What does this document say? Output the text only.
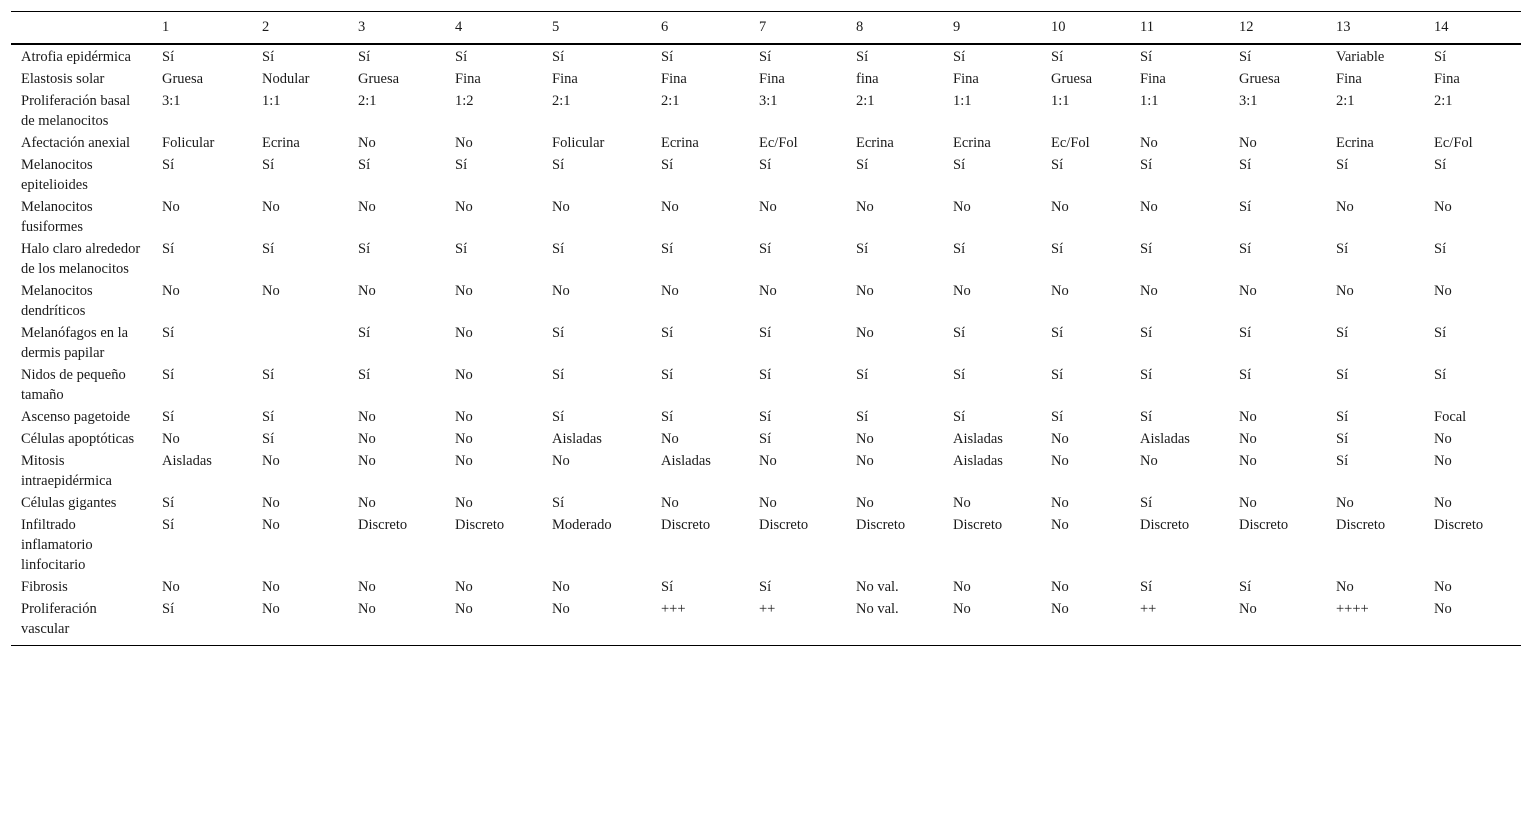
	1	2	3	4	5	6	7	8	9	10	11	12	13	14
Atrofia epidérmica	Sí	Sí	Sí	Sí	Sí	Sí	Sí	Sí	Sí	Sí	Sí	Sí	Variable	Sí
Elastosis solar	Gruesa	Nodular	Gruesa	Fina	Fina	Fina	Fina	fina	Fina	Gruesa	Fina	Gruesa	Fina	Fina
Proliferación basal de melanocitos	3:1	1:1	2:1	1:2	2:1	2:1	3:1	2:1	1:1	1:1	1:1	3:1	2:1	2:1
Afectación anexial	Folicular	Ecrina	No	No	Folicular	Ecrina	Ec/Fol	Ecrina	Ecrina	Ec/Fol	No	No	Ecrina	Ec/Fol
Melanocitos epitelioides	Sí	Sí	Sí	Sí	Sí	Sí	Sí	Sí	Sí	Sí	Sí	Sí	Sí	Sí
Melanocitos fusiformes	No	No	No	No	No	No	No	No	No	No	No	Sí	No	No
Halo claro alrededor de los melanocitos	Sí	Sí	Sí	Sí	Sí	Sí	Sí	Sí	Sí	Sí	Sí	Sí	Sí	Sí
Melanocitos dendríticos	No	No	No	No	No	No	No	No	No	No	No	No	No	No
Melanófagos en la dermis papilar	Sí		Sí	No	Sí	Sí	Sí	No	Sí	Sí	Sí	Sí	Sí	Sí
Nidos de pequeño tamaño	Sí	Sí	Sí	No	Sí	Sí	Sí	Sí	Sí	Sí	Sí	Sí	Sí	Sí
Ascenso pagetoide	Sí	Sí	No	No	Sí	Sí	Sí	Sí	Sí	Sí	Sí	No	Sí	Focal
Células apoptóticas	No	Sí	No	No	Aisladas	No	Sí	No	Aisladas	No	Aisladas	No	Sí	No
Mitosis intraepidérmica	Aisladas	No	No	No	No	Aisladas	No	No	Aisladas	No	No	No	Sí	No
Células gigantes	Sí	No	No	No	Sí	No	No	No	No	No	Sí	No	No	No
Infiltrado inflamatorio linfocitario	Sí	No	Discreto	Discreto	Moderado	Discreto	Discreto	Discreto	Discreto	No	Discreto	Discreto	Discreto	Discreto
Fibrosis	No	No	No	No	No	Sí	Sí	No val.	No	No	Sí	Sí	No	No
Proliferación vascular	Sí	No	No	No	No	+++	++	No val.	No	No	++	No	++++	No
